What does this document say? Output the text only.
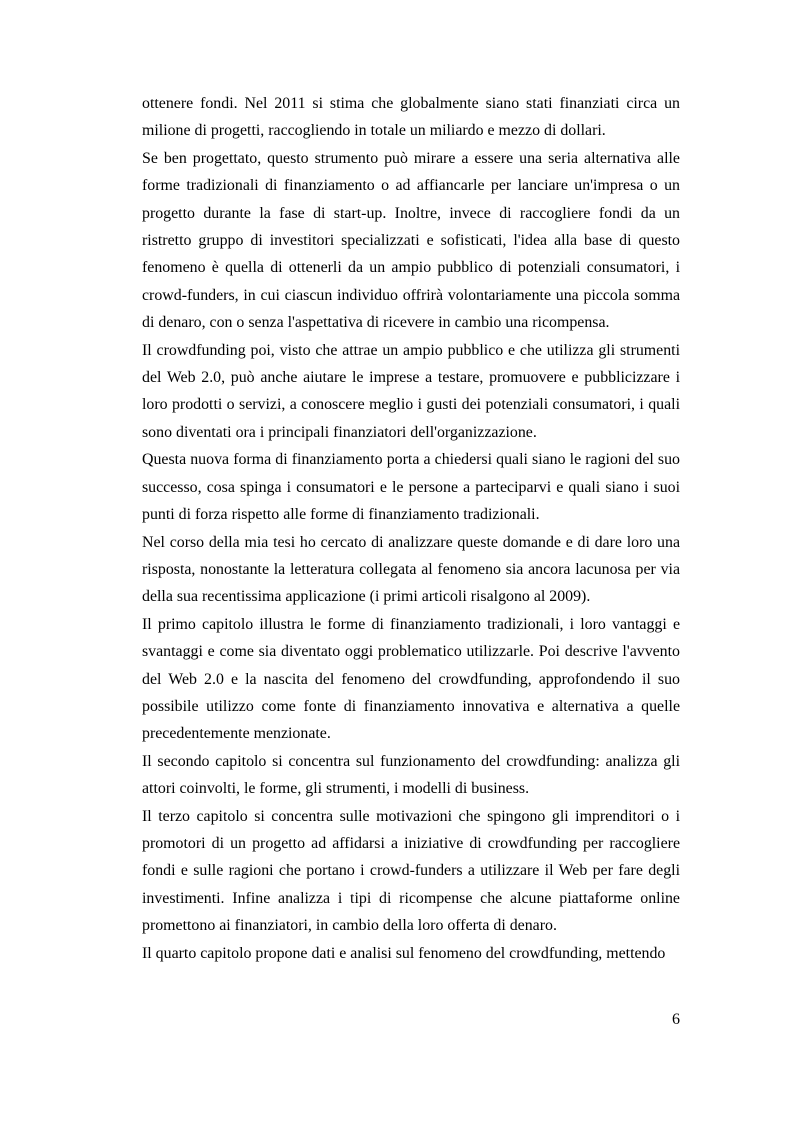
ottenere fondi. Nel 2011 si stima che globalmente siano stati finanziati circa un milione di progetti, raccogliendo in totale un miliardo e mezzo di dollari.

Se ben progettato, questo strumento può mirare a essere una seria alternativa alle forme tradizionali di finanziamento o ad affiancarle per lanciare un'impresa o un progetto durante la fase di start-up. Inoltre, invece di raccogliere fondi da un ristretto gruppo di investitori specializzati e sofisticati, l'idea alla base di questo fenomeno è quella di ottenerli da un ampio pubblico di potenziali consumatori, i crowd-funders, in cui ciascun individuo offrirà volontariamente una piccola somma di denaro, con o senza l'aspettativa di ricevere in cambio una ricompensa.

Il crowdfunding poi, visto che attrae un ampio pubblico e che utilizza gli strumenti del Web 2.0, può anche aiutare le imprese a testare, promuovere e pubblicizzare i loro prodotti o servizi, a conoscere meglio i gusti dei potenziali consumatori, i quali sono diventati ora i principali finanziatori dell'organizzazione.

Questa nuova forma di finanziamento porta a chiedersi quali siano le ragioni del suo successo, cosa spinga i consumatori e le persone a parteciparvi e quali siano i suoi punti di forza rispetto alle forme di finanziamento tradizionali.

Nel corso della mia tesi ho cercato di analizzare queste domande e di dare loro una risposta, nonostante la letteratura collegata al fenomeno sia ancora lacunosa per via della sua recentissima applicazione (i primi articoli risalgono al 2009).

Il primo capitolo illustra le forme di finanziamento tradizionali, i loro vantaggi e svantaggi e come sia diventato oggi problematico utilizzarle. Poi descrive l'avvento del Web 2.0 e la nascita del fenomeno del crowdfunding, approfondendo il suo possibile utilizzo come fonte di finanziamento innovativa e alternativa a quelle precedentemente menzionate.

Il secondo capitolo si concentra sul funzionamento del crowdfunding: analizza gli attori coinvolti, le forme, gli strumenti, i modelli di business.

Il terzo capitolo si concentra sulle motivazioni che spingono gli imprenditori o i promotori di un progetto ad affidarsi a iniziative di crowdfunding per raccogliere fondi e sulle ragioni che portano i crowd-funders a utilizzare il Web per fare degli investimenti. Infine analizza i tipi di ricompense che alcune piattaforme online promettono ai finanziatori, in cambio della loro offerta di denaro.

Il quarto capitolo propone dati e analisi sul fenomeno del crowdfunding, mettendo

6
